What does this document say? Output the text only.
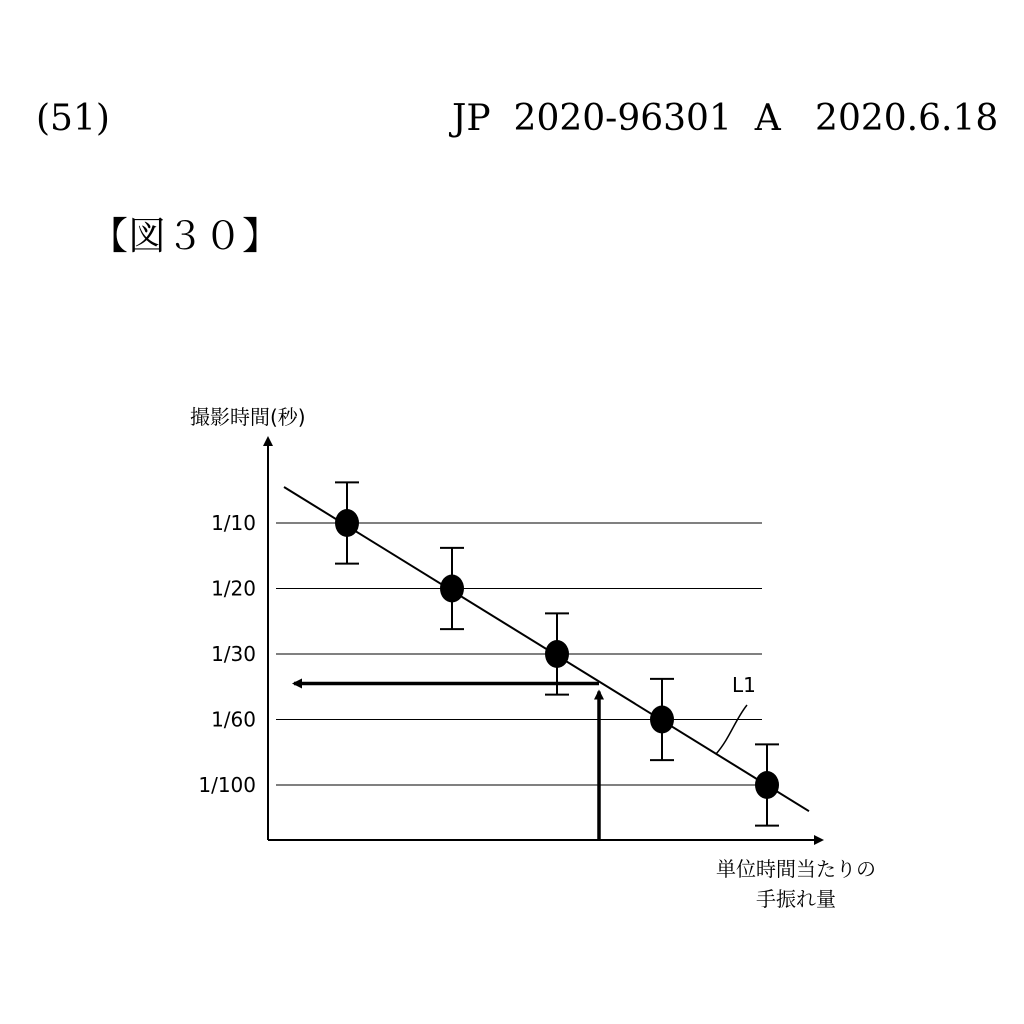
(51)	JP  2020-96301  A   2020.6.18
【図３０】
撮影時間(秒)
単位時間当たりの
手振れ量
1/10
1/20
1/30
1/60
1/100
L1
